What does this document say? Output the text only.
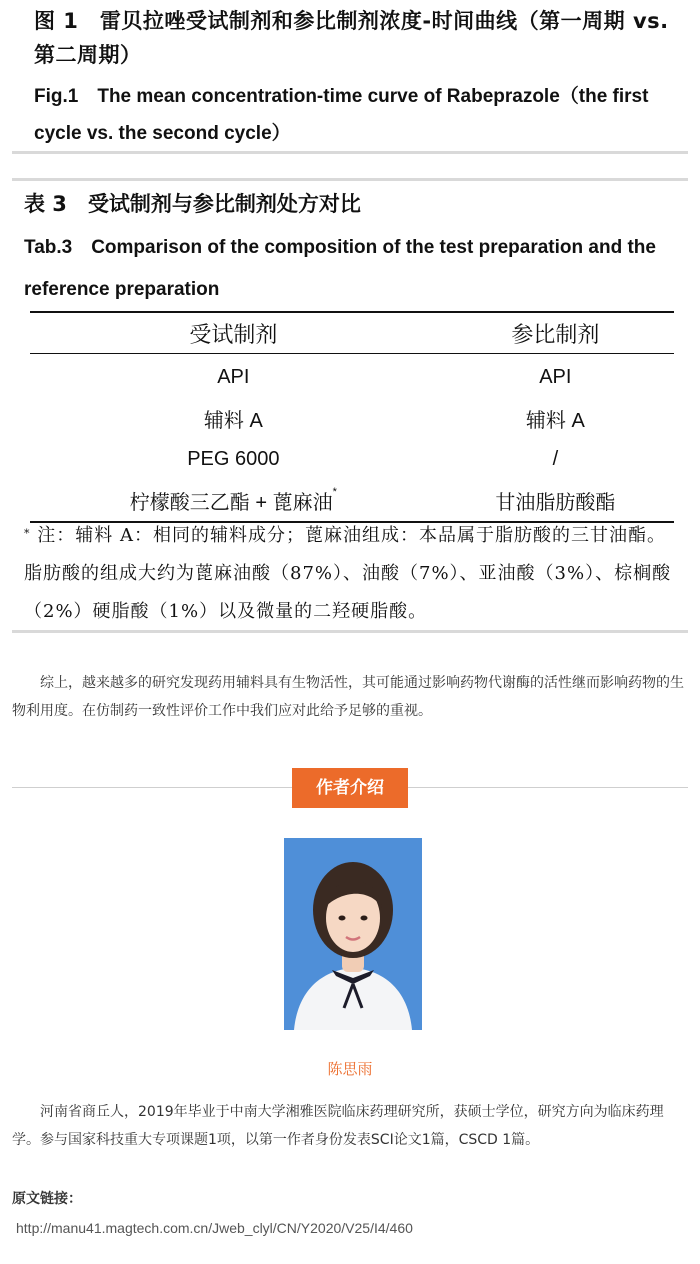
图 1　雷贝拉唑受试制剂和参比制剂浓度-时间曲线（第一周期 vs. 第二周期）
Fig.1　The mean concentration-time curve of Rabeprazole（the first cycle vs. the second cycle）
表 3　受试制剂与参比制剂处方对比
Tab.3　Comparison of the composition of the test preparation and the reference preparation
受试制剂	参比制剂
API	API
辅料 A	辅料 A
PEG 6000	/
柠檬酸三乙酯 + 蓖麻油*	甘油脂肪酸酯
* 注：辅料 A：相同的辅料成分；蓖麻油组成：本品属于脂肪酸的三甘油酯。脂肪酸的组成大约为蓖麻油酸（87%）、油酸（7%）、亚油酸（3%）、棕榈酸（2%）硬脂酸（1%）以及微量的二羟硬脂酸。

综上，越来越多的研究发现药用辅料具有生物活性，其可能通过影响药物代谢酶的活性继而影响药物的生物利用度。在仿制药一致性评价工作中我们应对此给予足够的重视。

作者介绍
陈思雨

河南省商丘人，2019年毕业于中南大学湘雅医院临床药理研究所，获硕士学位，研究方向为临床药理学。参与国家科技重大专项课题1项，以第一作者身份发表SCI论文1篇，CSCD 1篇。

原文链接：
http://manu41.magtech.com.cn/Jweb_clyl/CN/Y2020/V25/I4/460
